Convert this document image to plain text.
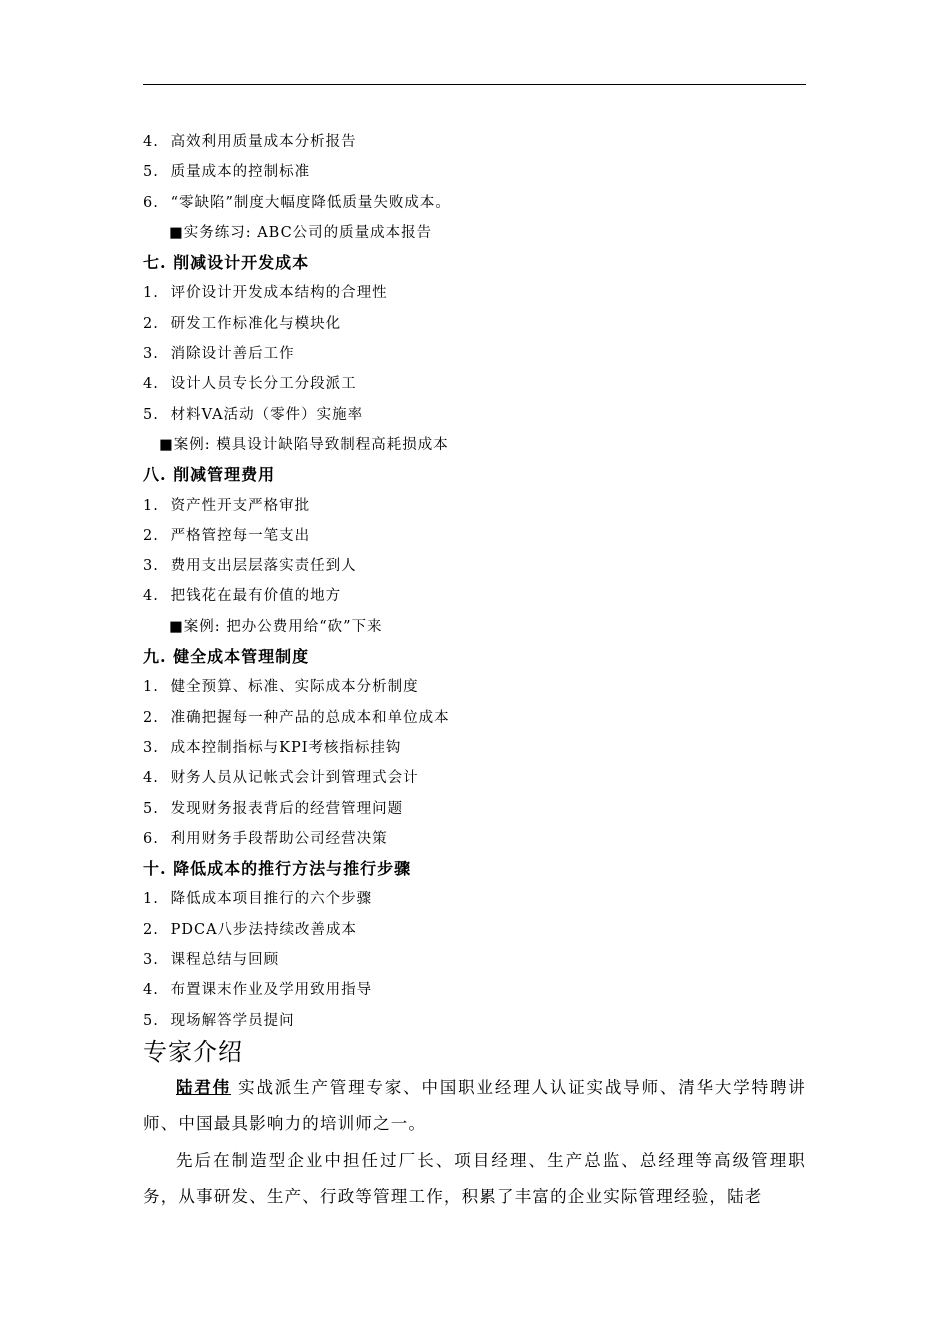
4. 高效利用质量成本分析报告
5. 质量成本的控制标准
6. “零缺陷”制度大幅度降低质量失败成本。
■实务练习: ABC公司的质量成本报告
七. 削减设计开发成本
1. 评价设计开发成本结构的合理性
2. 研发工作标准化与模块化
3. 消除设计善后工作
4. 设计人员专长分工分段派工
5. 材料VA活动（零件）实施率
■案例: 模具设计缺陷导致制程高耗损成本
八. 削减管理费用
1. 资产性开支严格审批
2. 严格管控每一笔支出
3. 费用支出层层落实责任到人
4. 把钱花在最有价值的地方
■案例: 把办公费用给“砍”下来
九. 健全成本管理制度
1. 健全预算、标准、实际成本分析制度
2. 准确把握每一种产品的总成本和单位成本
3. 成本控制指标与KPI考核指标挂钩
4. 财务人员从记帐式会计到管理式会计
5. 发现财务报表背后的经营管理问题
6. 利用财务手段帮助公司经营决策
十. 降低成本的推行方法与推行步骤
1. 降低成本项目推行的六个步骤
2. PDCA八步法持续改善成本
3. 课程总结与回顾
4. 布置课末作业及学用致用指导
5. 现场解答学员提问
专家介绍

陆君伟 实战派生产管理专家、中国职业经理人认证实战导师、清华大学特聘讲师、中国最具影响力的培训师之一。

先后在制造型企业中担任过厂长、项目经理、生产总监、总经理等高级管理职务，从事研发、生产、行政等管理工作，积累了丰富的企业实际管理经验，陆老
